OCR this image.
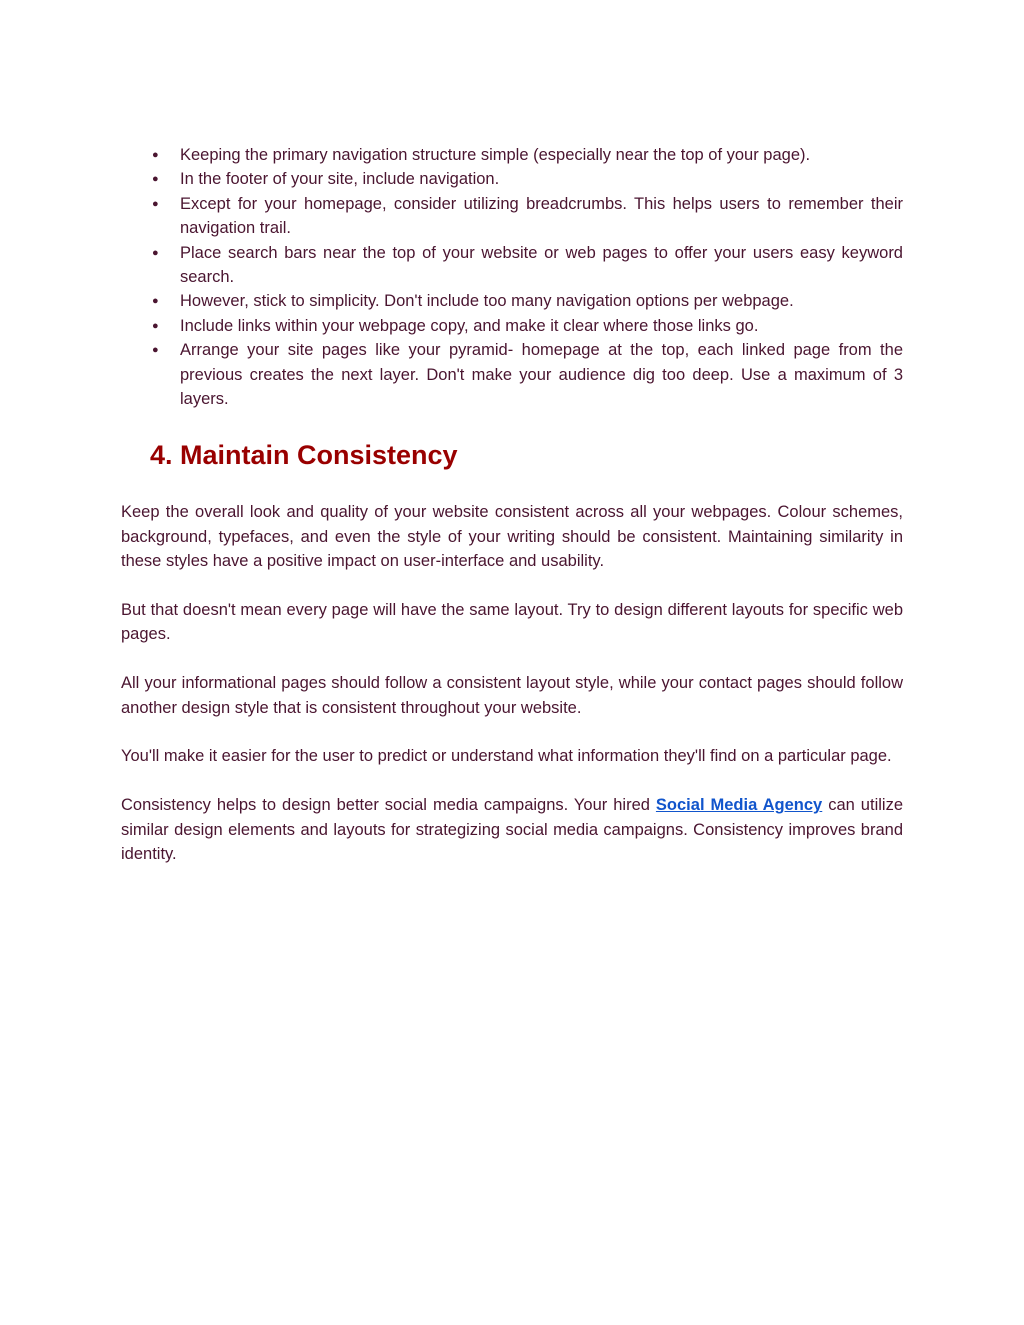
● Keeping the primary navigation structure simple (especially near the top of your page).
● In the footer of your site, include navigation.
● Except for your homepage, consider utilizing breadcrumbs. This helps users to remember their navigation trail.
● Place search bars near the top of your website or web pages to offer your users easy keyword search.
● However, stick to simplicity. Don't include too many navigation options per webpage.
● Include links within your webpage copy, and make it clear where those links go.
● Arrange your site pages like your pyramid- homepage at the top, each linked page from the previous creates the next layer. Don't make your audience dig too deep. Use a maximum of 3 layers.
4. Maintain Consistency

Keep the overall look and quality of your website consistent across all your webpages. Colour schemes, background, typefaces, and even the style of your writing should be consistent. Maintaining similarity in these styles have a positive impact on user-interface and usability.

But that doesn't mean every page will have the same layout. Try to design different layouts for specific web pages.

All your informational pages should follow a consistent layout style, while your contact pages should follow another design style that is consistent throughout your website.

You'll make it easier for the user to predict or understand what information they'll find on a particular page.

Consistency helps to design better social media campaigns. Your hired Social Media Agency can utilize similar design elements and layouts for strategizing social media campaigns. Consistency improves brand identity.
